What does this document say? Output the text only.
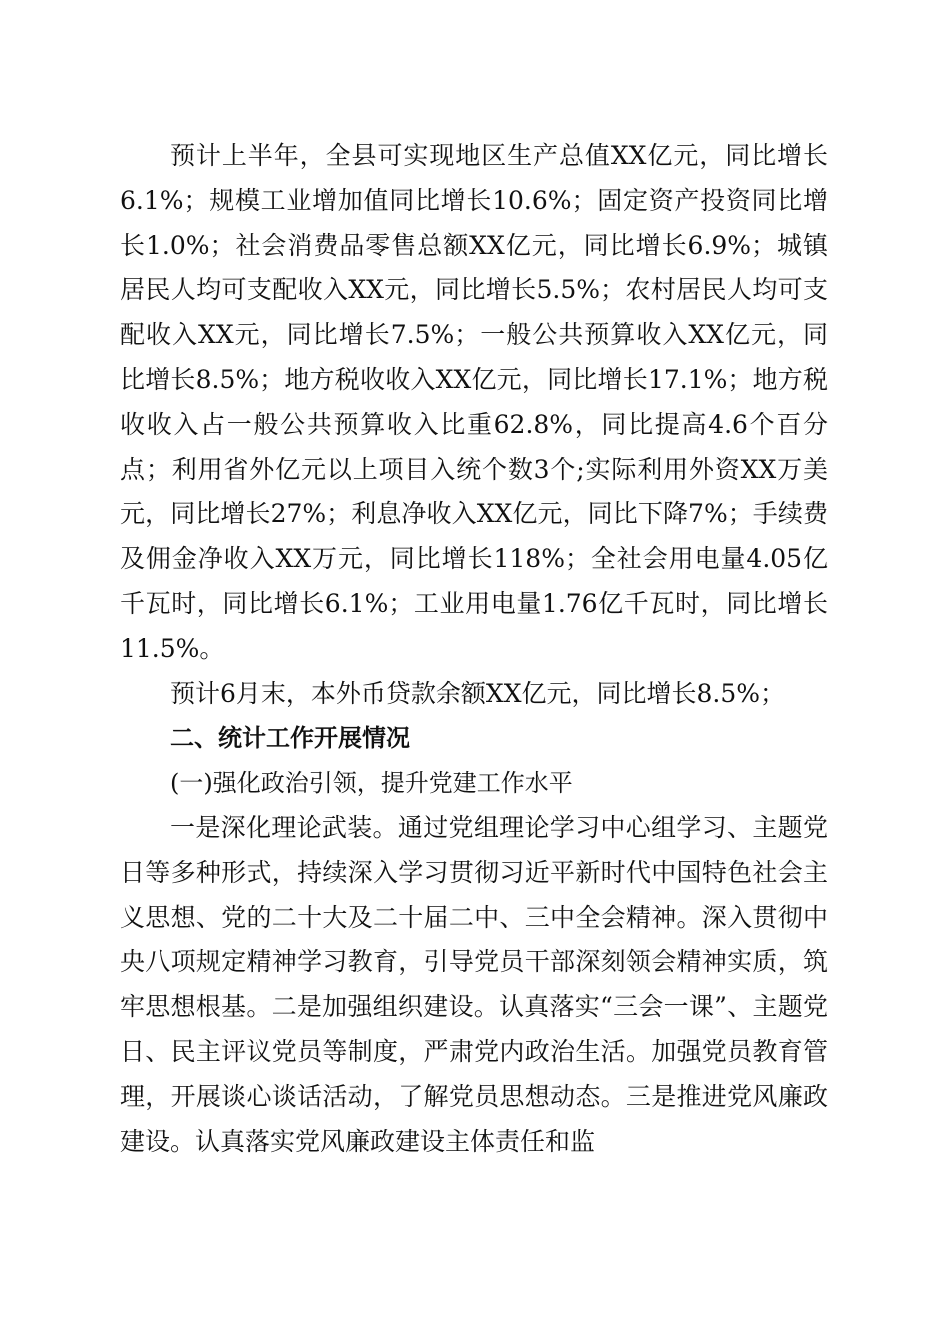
预计上半年，全县可实现地区生产总值XX亿元，同比增长6.1%；规模工业增加值同比增长10.6%；固定资产投资同比增长1.0%；社会消费品零售总额XX亿元，同比增长6.9%；城镇居民人均可支配收入XX元，同比增长5.5%；农村居民人均可支配收入XX元，同比增长7.5%；一般公共预算收入XX亿元，同比增长8.5%；地方税收收入XX亿元，同比增长17.1%；地方税收收入占一般公共预算收入比重62.8%，同比提高4.6个百分点；利用省外亿元以上项目入统个数3个;实际利用外资XX万美元，同比增长27%；利息净收入XX亿元，同比下降7%；手续费及佣金净收入XX万元，同比增长118%；全社会用电量4.05亿千瓦时，同比增长6.1%；工业用电量1.76亿千瓦时，同比增长11.5%。

预计6月末，本外币贷款余额XX亿元，同比增长8.5%；

二、统计工作开展情况

(一)强化政治引领，提升党建工作水平

一是深化理论武装。通过党组理论学习中心组学习、主题党日等多种形式，持续深入学习贯彻习近平新时代中国特色社会主义思想、党的二十大及二十届二中、三中全会精神。深入贯彻中央八项规定精神学习教育，引导党员干部深刻领会精神实质，筑牢思想根基。二是加强组织建设。认真落实“三会一课”、主题党日、民主评议党员等制度，严肃党内政治生活。加强党员教育管理，开展谈心谈话活动，了解党员思想动态。三是推进党风廉政建设。认真落实党风廉政建设主体责任和监
